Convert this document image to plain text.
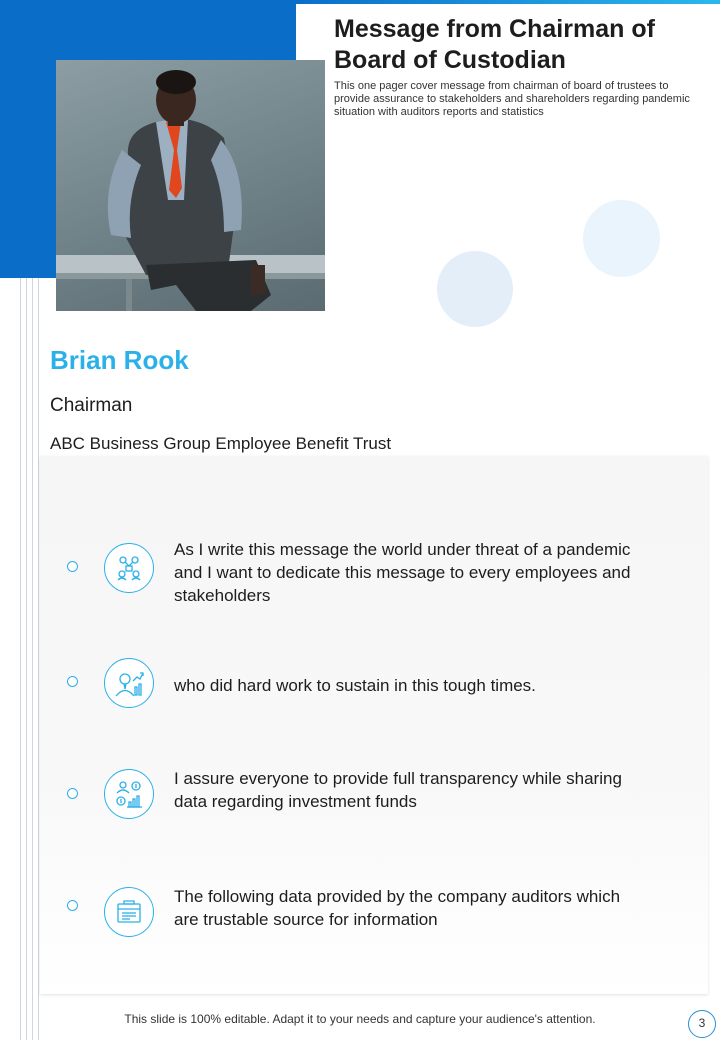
Message from Chairman of Board of Custodian

This one pager cover message from chairman of board of trustees to provide assurance to stakeholders and shareholders regarding pandemic situation with auditors reports and statistics

Brian Rook
Chairman
ABC Business Group Employee Benefit Trust
As I write this message the world under threat of a pandemic and I want to dedicate this message to every employees and stakeholders
who did hard work to sustain in this tough times.
I assure everyone to provide full transparency while sharing data regarding investment funds
The following data provided by the company auditors which are trustable source for information
This slide is 100% editable. Adapt it to your needs and capture your audience's attention.	3
